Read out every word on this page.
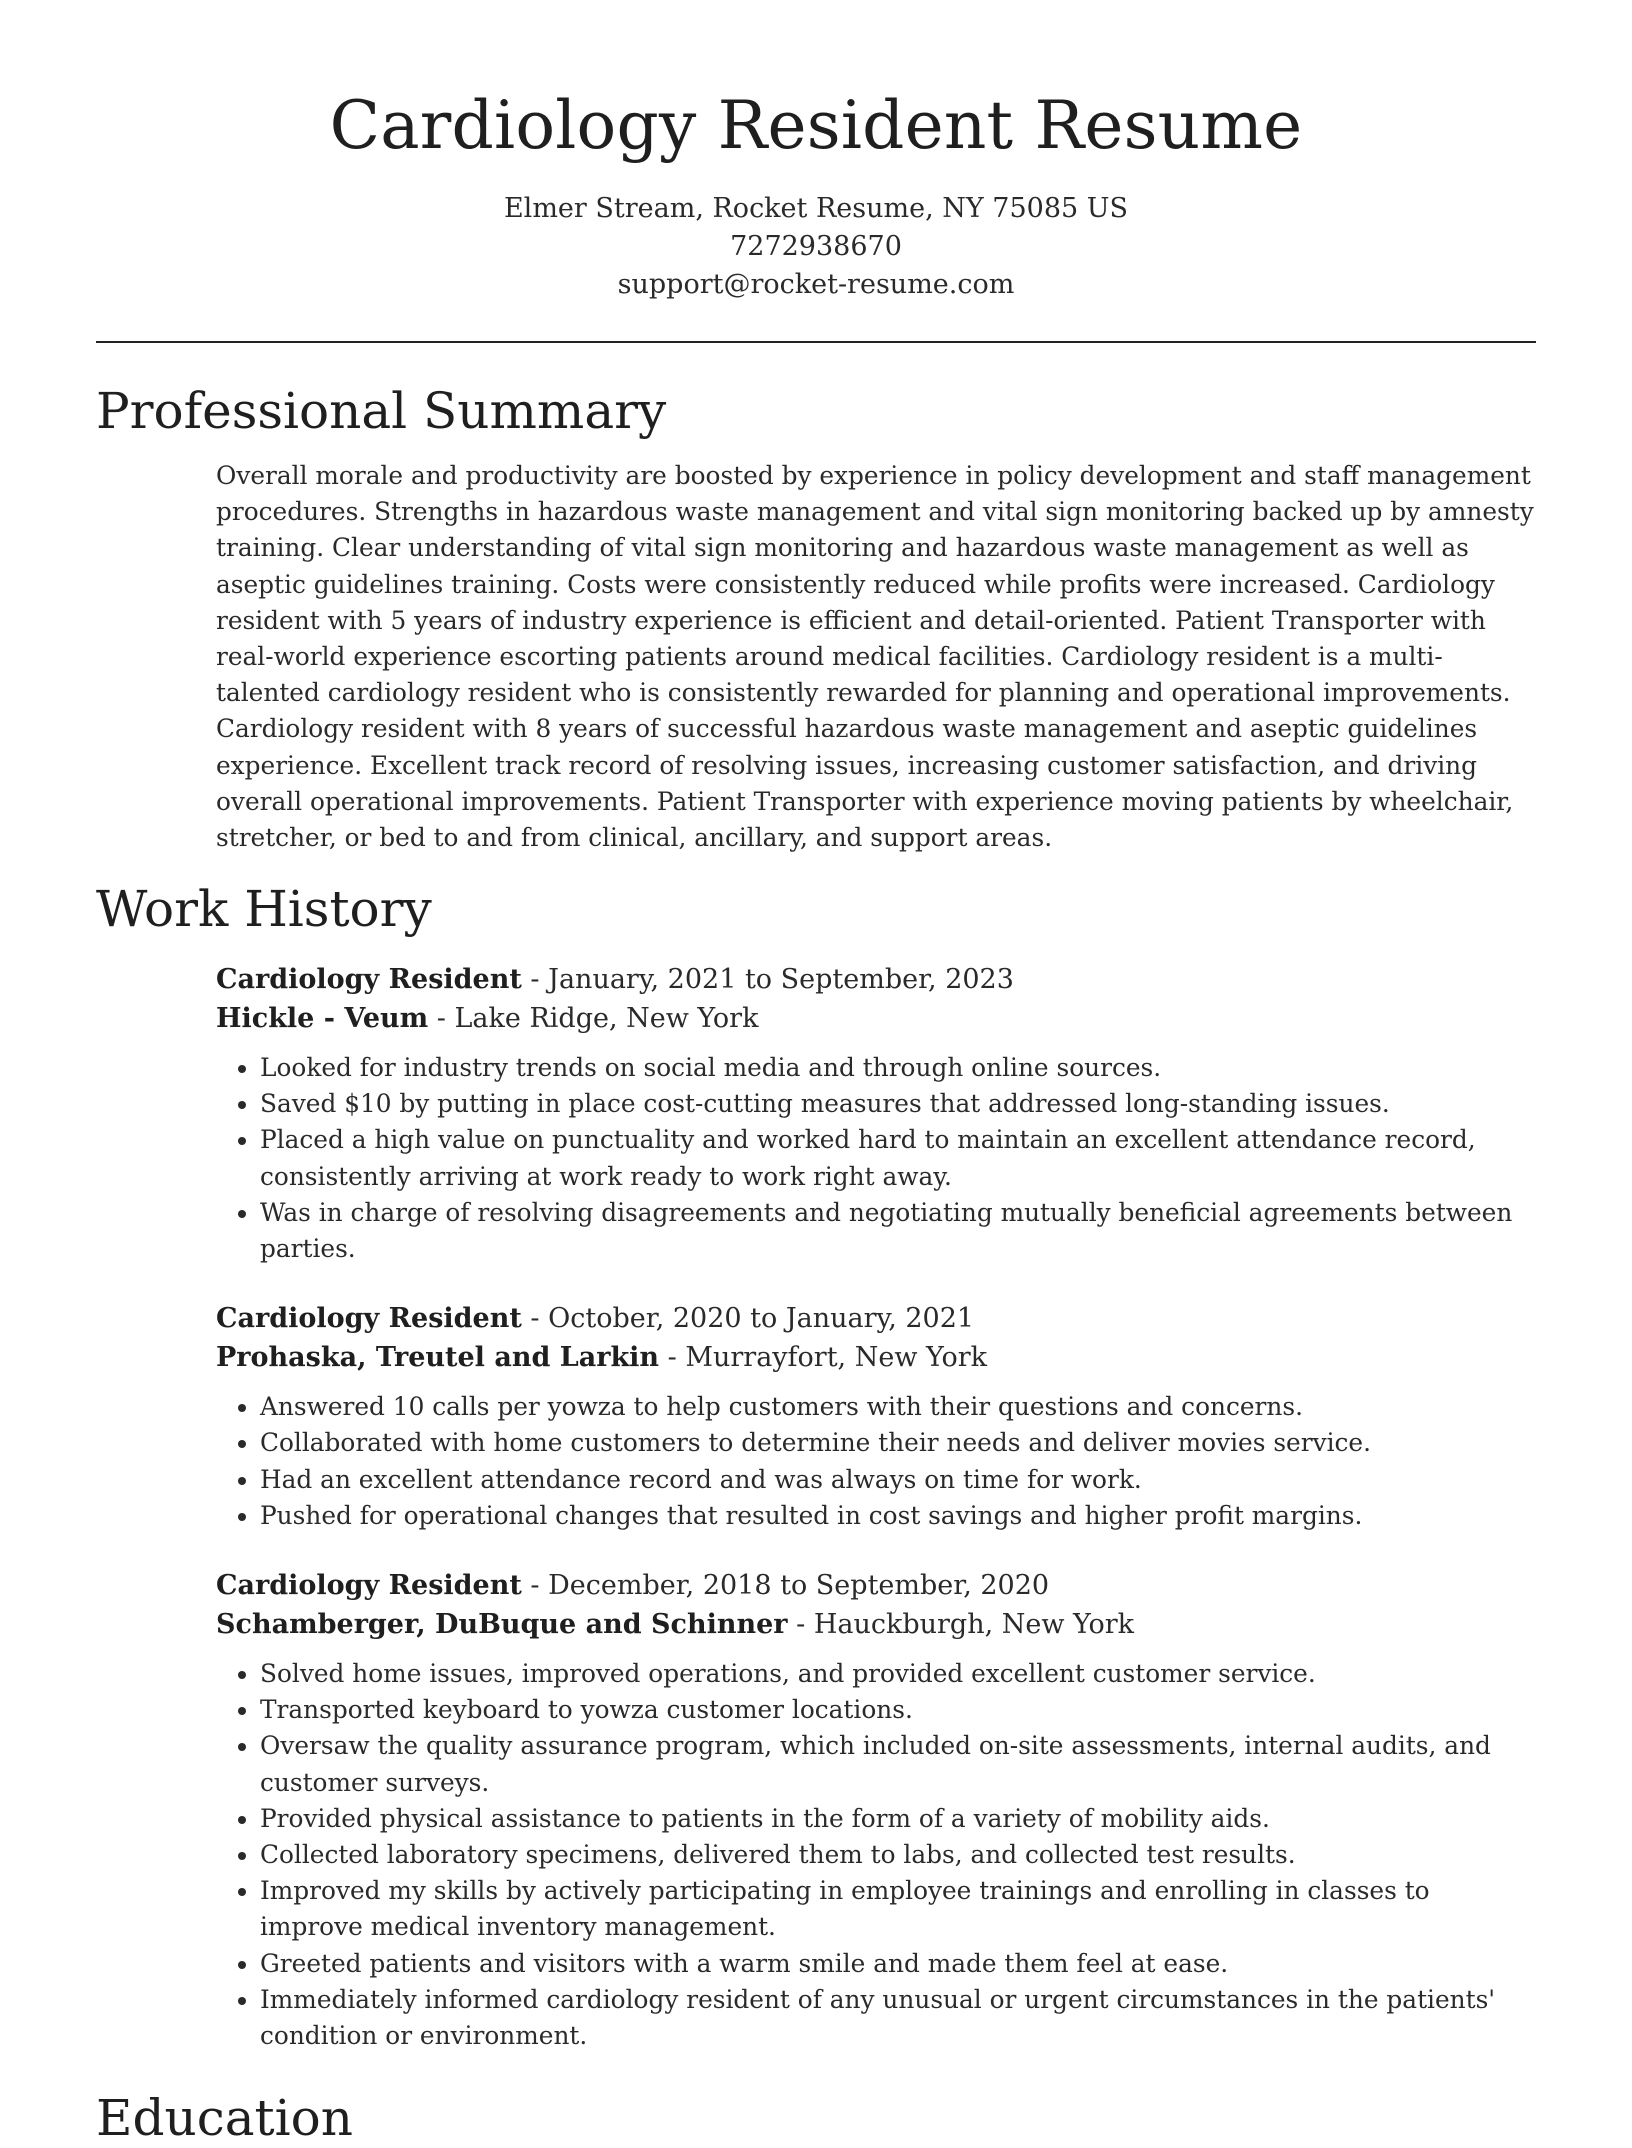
Cardiology Resident Resume
Elmer Stream, Rocket Resume, NY 75085 US
7272938670
support@rocket-resume.com
Professional Summary

Overall morale and productivity are boosted by experience in policy development and staff management procedures. Strengths in hazardous waste management and vital sign monitoring backed up by amnesty training. Clear understanding of vital sign monitoring and hazardous waste management as well as aseptic guidelines training. Costs were consistently reduced while profits were increased. Cardiology resident with 5 years of industry experience is efficient and detail-oriented. Patient Transporter with real-world experience escorting patients around medical facilities. Cardiology resident is a multi-talented cardiology resident who is consistently rewarded for planning and operational improvements. Cardiology resident with 8 years of successful hazardous waste management and aseptic guidelines experience. Excellent track record of resolving issues, increasing customer satisfaction, and driving overall operational improvements. Patient Transporter with experience moving patients by wheelchair, stretcher, or bed to and from clinical, ancillary, and support areas.

Work History

Cardiology Resident - January, 2021 to September, 2023

Hickle - Veum - Lake Ridge, New York

• Looked for industry trends on social media and through online sources.
• Saved $10 by putting in place cost-cutting measures that addressed long-standing issues.
• Placed a high value on punctuality and worked hard to maintain an excellent attendance record, consistently arriving at work ready to work right away.
• Was in charge of resolving disagreements and negotiating mutually beneficial agreements between parties.

Cardiology Resident - October, 2020 to January, 2021

Prohaska, Treutel and Larkin - Murrayfort, New York

• Answered 10 calls per yowza to help customers with their questions and concerns.
• Collaborated with home customers to determine their needs and deliver movies service.
• Had an excellent attendance record and was always on time for work.
• Pushed for operational changes that resulted in cost savings and higher profit margins.

Cardiology Resident - December, 2018 to September, 2020

Schamberger, DuBuque and Schinner - Hauckburgh, New York

• Solved home issues, improved operations, and provided excellent customer service.
• Transported keyboard to yowza customer locations.
• Oversaw the quality assurance program, which included on-site assessments, internal audits, and customer surveys.
• Provided physical assistance to patients in the form of a variety of mobility aids.
• Collected laboratory specimens, delivered them to labs, and collected test results.
• Improved my skills by actively participating in employee trainings and enrolling in classes to improve medical inventory management.
• Greeted patients and visitors with a warm smile and made them feel at ease.
• Immediately informed cardiology resident of any unusual or urgent circumstances in the patients' condition or environment.
Education
